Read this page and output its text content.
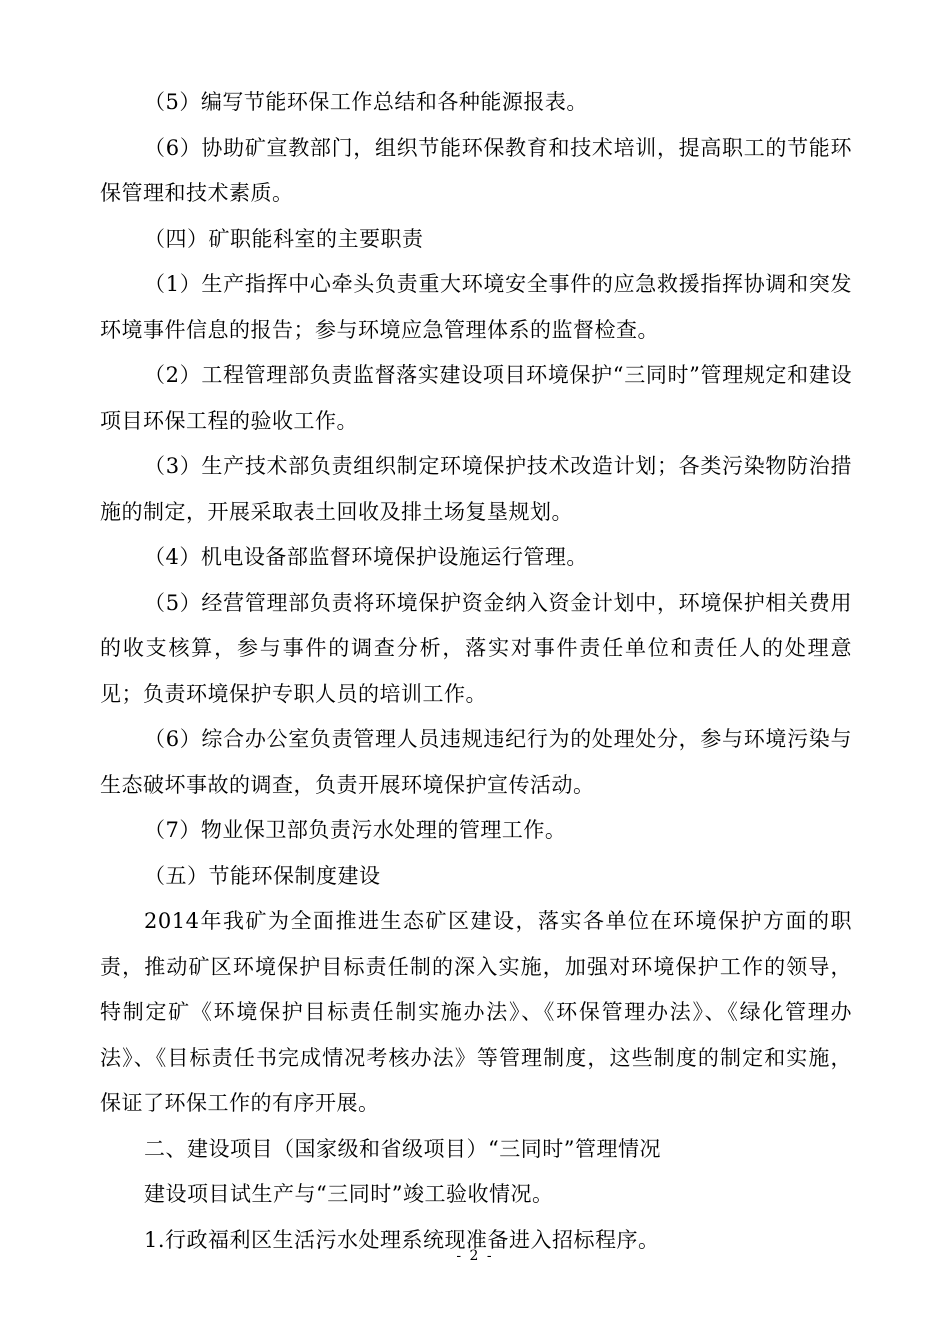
（5）编写节能环保工作总结和各种能源报表。

（6）协助矿宣教部门，组织节能环保教育和技术培训，提高职工的节能环保管理和技术素质。

（四）矿职能科室的主要职责

（1）生产指挥中心牵头负责重大环境安全事件的应急救援指挥协调和突发环境事件信息的报告；参与环境应急管理体系的监督检查。

（2）工程管理部负责监督落实建设项目环境保护“三同时”管理规定和建设项目环保工程的验收工作。

（3）生产技术部负责组织制定环境保护技术改造计划；各类污染物防治措施的制定，开展采取表土回收及排土场复垦规划。

（4）机电设备部监督环境保护设施运行管理。

（5）经营管理部负责将环境保护资金纳入资金计划中，环境保护相关费用的收支核算，参与事件的调查分析，落实对事件责任单位和责任人的处理意见；负责环境保护专职人员的培训工作。

（6）综合办公室负责管理人员违规违纪行为的处理处分，参与环境污染与生态破坏事故的调查，负责开展环境保护宣传活动。

（7）物业保卫部负责污水处理的管理工作。

（五）节能环保制度建设

2014年我矿为全面推进生态矿区建设，落实各单位在环境保护方面的职责，推动矿区环境保护目标责任制的深入实施，加强对环境保护工作的领导，特制定矿《环境保护目标责任制实施办法》、《环保管理办法》、《绿化管理办法》、《目标责任书完成情况考核办法》等管理制度，这些制度的制定和实施，保证了环保工作的有序开展。

二、建设项目（国家级和省级项目）“三同时”管理情况

建设项目试生产与“三同时”竣工验收情况。

1.行政福利区生活污水处理系统现准备进入招标程序。

- 2 -
